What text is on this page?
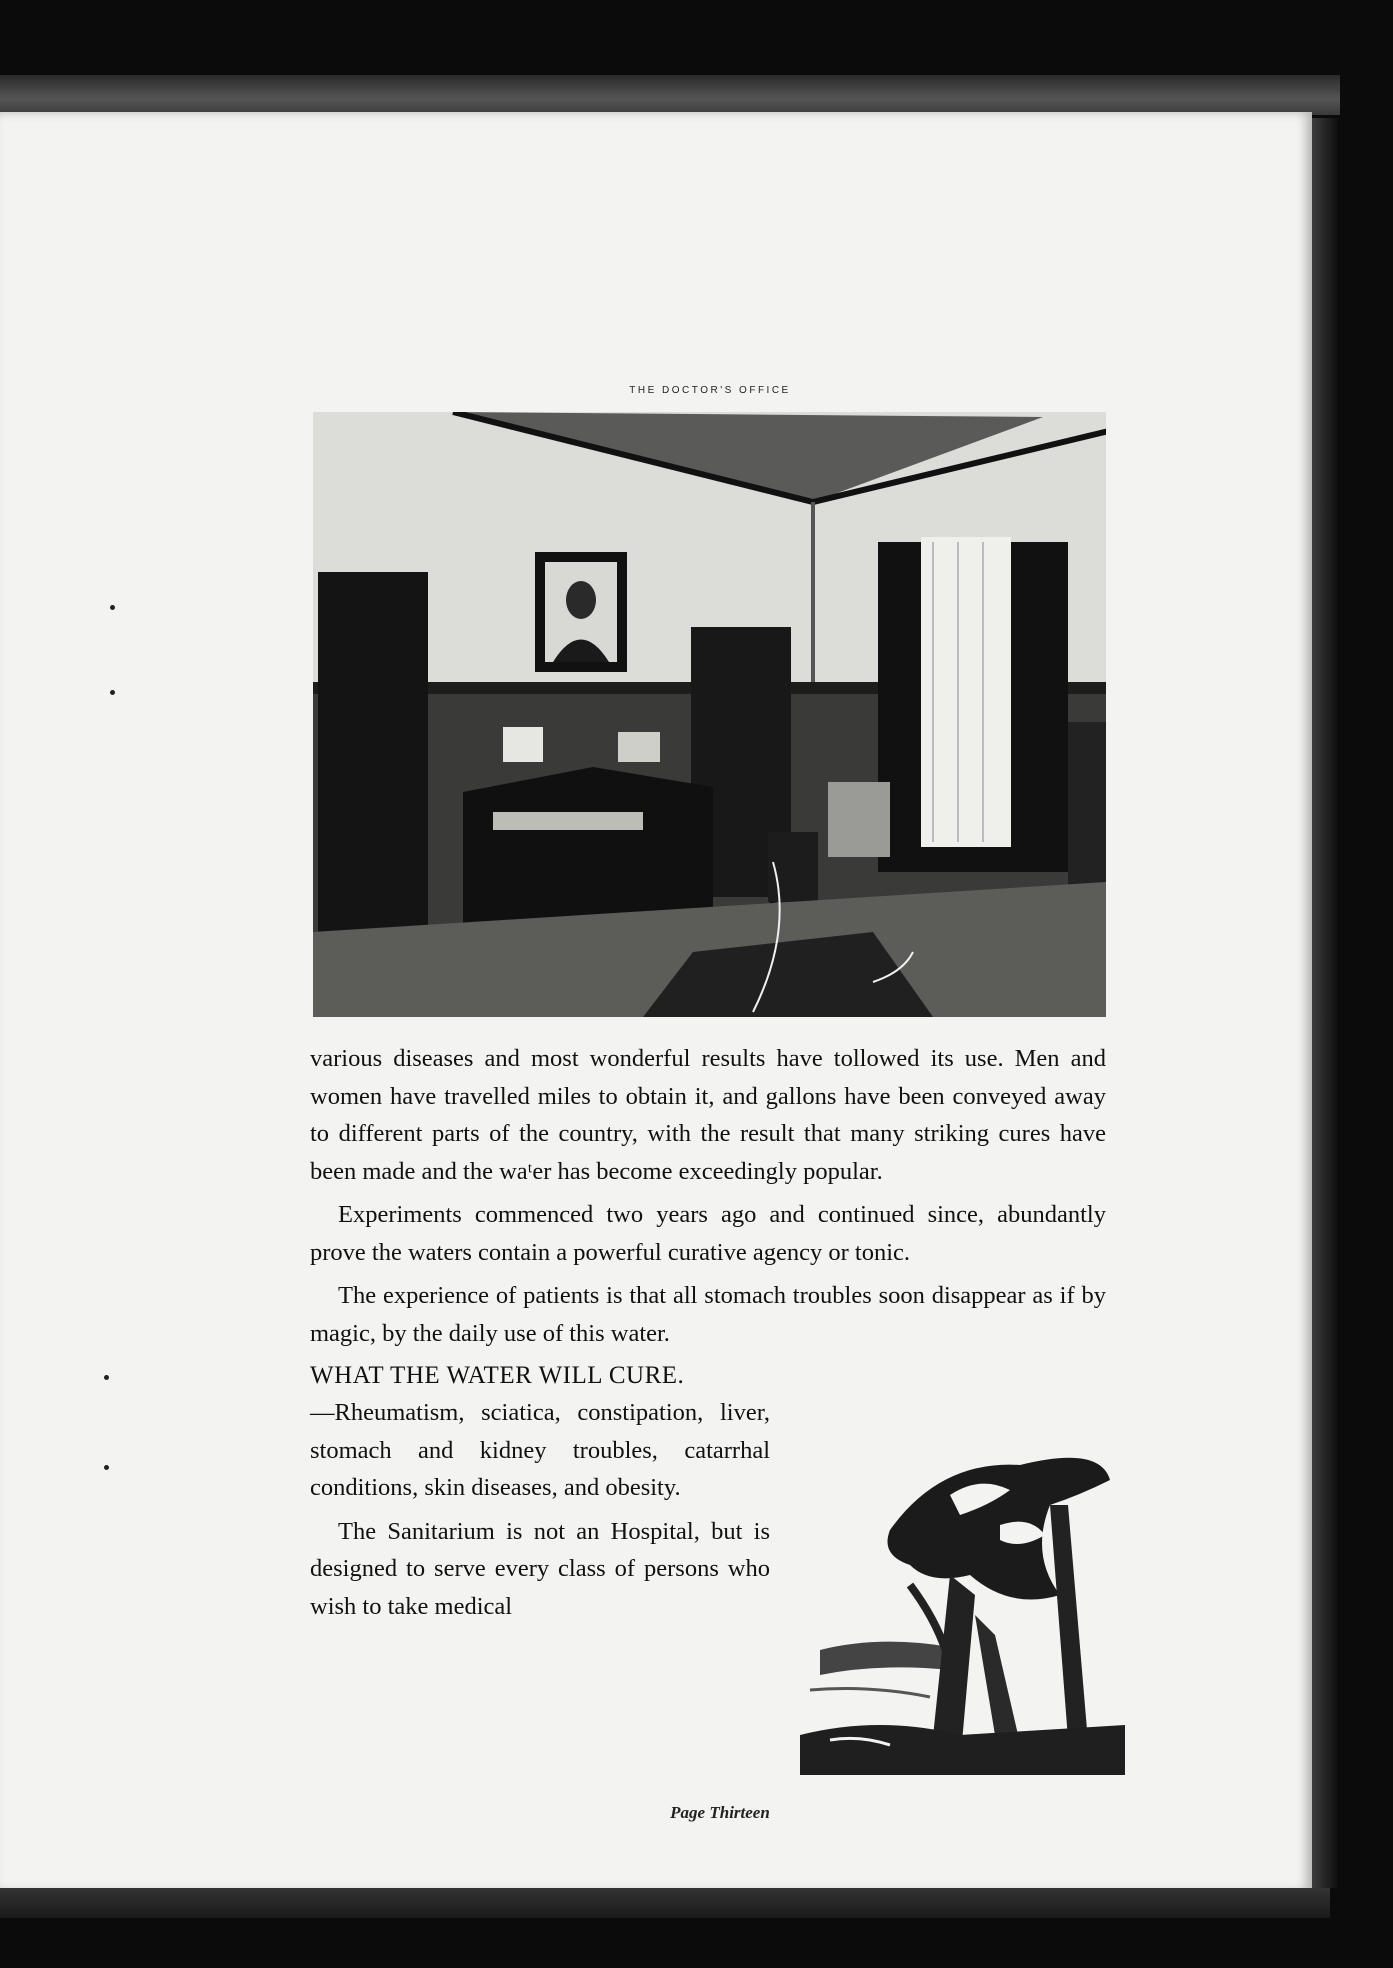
THE DOCTOR'S OFFICE

various diseases and most wonderful results have tollowed its use. Men and women have travelled miles to obtain it, and gallons have been conveyed away to different parts of the country, with the result that many striking cures have been made and the waᵗer has become exceedingly popular.

Experiments commenced two years ago and continued since, abundantly prove the waters contain a powerful curative agency or tonic.

The experience of patients is that all stomach troubles soon disappear as if by magic, by the daily use of this water.

WHAT THE WATER WILL CURE.

—Rheumatism, sciatica, constipation, liver, stomach and kidney troubles, catarrhal conditions, skin diseases, and obesity.

The Sanitarium is not an Hospital, but is designed to serve every class of persons who wish to take medical

Page Thirteen
